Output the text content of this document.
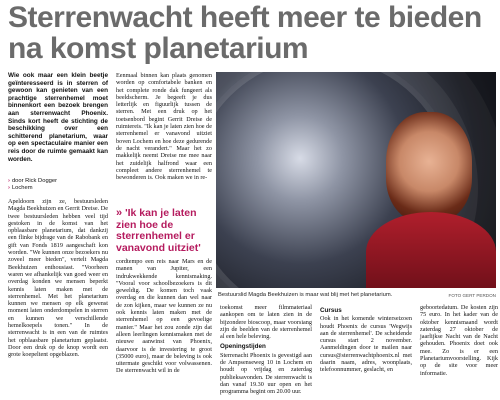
Sterrenwacht heeft meer te bieden na komst planetarium
Wie ook maar een klein beetje geïnteresseerd is in sterren of gewoon kan genieten van een prachtige sterrenhemel moet binnenkort een bezoek brengen aan sterrenwacht Phoenix. Sinds kort heeft de stichting de beschikking over een schitterend planetarium, waar op een spectaculaire manier een reis door de ruimte gemaakt kan worden.
› door Rick Dogger
› Lochem
Apeldoorn zijn ze, bestuursleden Magda Beekhuizen en Gerrit Dreise. De twee bestuursleden hebben veel tijd gestoken in de komst van het opblaasbare planetarium, dat dankzij een flinke bijdrage van de Rabobank en gift van Fonds 1819 aangeschaft kon worden. "We kunnen onze bezoekers nu zoveel meer bieden", vertelt Magda Beekhuizen enthousiast. "Voorheen waren we afhankelijk van goed weer en overdag konden we mensen beperkt kennis laten maken met de sterrenhemel. Met het planetarium kunnen we mensen op elk gewenst moment laten onderdompelen in sterren en kunnen we verschillende hemelkoepels tonen." In de sterrenwacht is in een van de ruimtes het opblaasbare planetarium geplaatst. Door een druk op de knop wordt een grote koepeltent opgeblazen.
Eenmaal binnen kan plaats genomen worden op comfortabele banken en het complete ronde dak fungeert als beeldscherm. Je begeeft je dus letterlijk en figuurlijk tussen de sterren. Met een druk op het toetsenbord begint Gerrit Dreise de ruimtereis. "Ik kan je laten zien hoe de sterrenhemel er vanavond uitziet boven Lochem en hoe deze gedurende de nacht verandert." Maar het zo makkelijk neemt Dreise me mee naar het zuidelijk halfrond waar een compleet andere sterrenhemel te bewonderen is. Ook maken we in re-
» 'Ik kan je laten zien hoe de sterrenhemel er vanavond uitziet'
cordtempo een reis naar Mars en de manen van Jupiter, een indrukwekkende kennismaking. "Vooral voor schoolbezoekers is dit geweldig. De komen toch vaak overdag en die kunnen dan wel naar de zon kijken, maar we kunnen ze nu ook kennis laten maken met de sterrenhemel op een gevoelige manier." Maar het zou zonde zijn dat alleen leerlingen kennismaken met de nieuwe aanwinst van Phoenix, daarvoor is de investering te groot (35000 euro), maar de beleving is ook uitermate geschikt voor volwassenen. De sterrenwacht wil in de
Bestuurslid Magda Beekhuizen is maar wat blij met het planetarium.	FOTO GERT PERDON
toekomst meer filmmateriaal aankopen om te laten zien in de bijzondere bioscoop, maar voorsiang zijn de beelden van de sterrenhemel al een hele beleving.
Openingstijden
Sterrenacht Phoenix is gevestigd aan de Ampsenseweg 10 in Lochem en houdt op vrijdag en zaterdag publieksavonden. De sterrenwacht is dan vanaf 19.30 uur open en het programma begint om 20.00 uur.
Cursus
Ook in het komende winterseizoen houdt Phoenix de cursus 'Wegwijs aan de sterrenhemel'. De scheidende cursus start 2 november. Aanmeldingen door te mailen naar cursus@sterrenwachtphoenix.nl met daarin naam, adres, woonplaats, telefoonnummer, geslacht, en
geboortedatum. De kosten zijn 75 euro. In het kader van de oktober kennismaand wordt zaterdag 27 oktober de jaarlijkse Nacht van de Nacht gehouden. Phoenix doet ook mee. Zo is er een Planetariumvoorstelling. Kijk op de site voor meer informatie.
